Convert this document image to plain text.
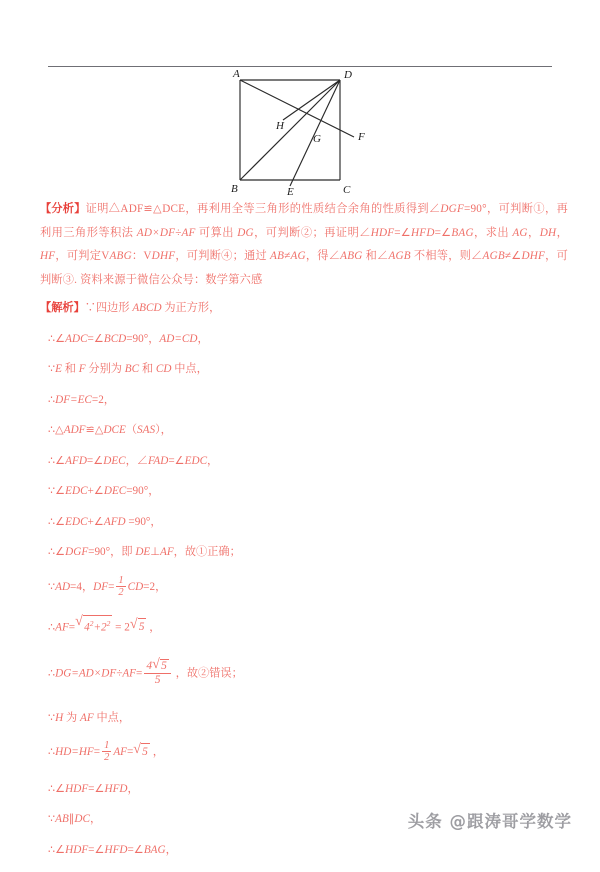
A
B	C
D
E
F
G
H

【分析】证明△ADF≌△DCE，再利用全等三角形的性质结合余角的性质得到∠DGF=90°，可判断①，再利用三角形等积法 AD×DF÷AF 可算出 DG，可判断②；再证明∠HDF=∠HFD=∠BAG，求出 AG，DH，HF，可判定VABG：VDHF，可判断④；通过 AB≠AG，得∠ABG 和∠AGB 不相等，则∠AGB≠∠DHF，可判断③. 资料来源于微信公众号：数学第六感

【解析】∵四边形 ABCD 为正方形，
∴∠ADC=∠BCD=90°，AD=CD，
∵E 和 F 分别为 BC 和 CD 中点，
∴DF=EC=2，
∴△ADF≌△DCE（SAS），
∴∠AFD=∠DEC，∠FAD=∠EDC，
∵∠EDC+∠DEC=90°，
∴∠EDC+∠AFD =90°，
∴∠DGF=90°，即 DE⊥AF，故①正确；
∵AD=4，$DF= \frac{1}{2} CD=2$，
∴AF= √ $4^2+2^2 = 2$ √ 5 ，
∴DG=AD×DF÷AF= $\frac{4 √ 5}{5}$ ，故②错误；
∵H 为 AF 中点，
∴HD=HF= $\frac{1}{2} AF=$ √ 5 ，
∴∠HDF=∠HFD，
∵AB∥DC，
∴∠HDF=∠HFD=∠BAG，
头条 @跟涛哥学数学
